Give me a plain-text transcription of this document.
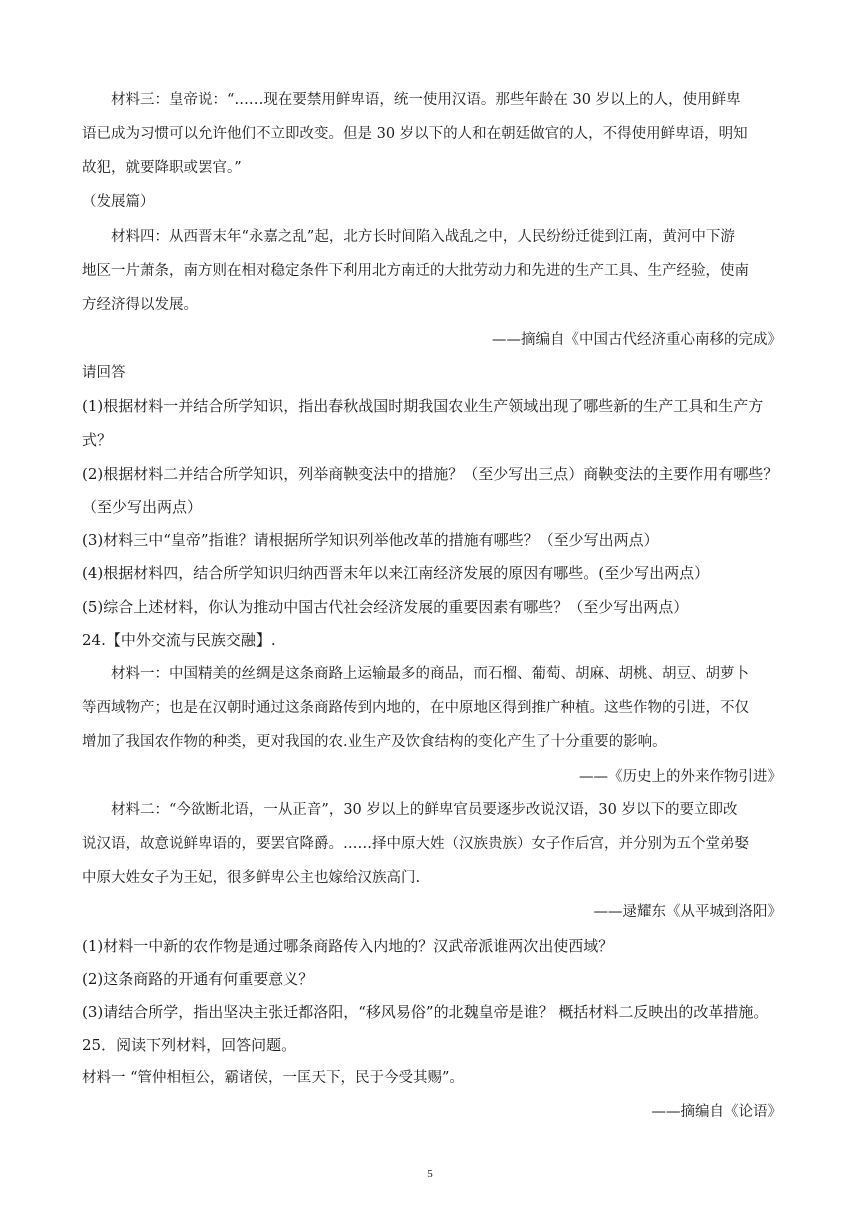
材料三：皇帝说：“……现在要禁用鲜卑语，统一使用汉语。那些年龄在 30 岁以上的人，使用鲜卑
语已成为习惯可以允许他们不立即改变。但是 30 岁以下的人和在朝廷做官的人，不得使用鲜卑语，明知
故犯，就要降职或罢官。”
（发展篇）
材料四：从西晋末年“永嘉之乱”起，北方长时间陷入战乱之中，人民纷纷迁徙到江南，黄河中下游
地区一片萧条，南方则在相对稳定条件下利用北方南迁的大批劳动力和先进的生产工具、生产经验，使南
方经济得以发展。
——摘编自《中国古代经济重心南移的完成》
请回答
(1)根据材料一并结合所学知识，指出春秋战国时期我国农业生产领域出现了哪些新的生产工具和生产方
式？
(2)根据材料二并结合所学知识，列举商鞅变法中的措施？（至少写出三点）商鞅变法的主要作用有哪些？
（至少写出两点）
(3)材料三中“皇帝”指谁？请根据所学知识列举他改革的措施有哪些？（至少写出两点）
(4)根据材料四，结合所学知识归纳西晋末年以来江南经济发展的原因有哪些。(至少写出两点）
(5)综合上述材料，你认为推动中国古代社会经济发展的重要因素有哪些？（至少写出两点）
24.【中外交流与民族交融】.
材料一：中国精美的丝绸是这条商路上运输最多的商品，而石榴、葡萄、胡麻、胡桃、胡豆、胡萝卜
等西域物产；也是在汉朝时通过这条商路传到内地的，在中原地区得到推广种植。这些作物的引进，不仅
增加了我国农作物的种类，更对我国的农.业生产及饮食结构的变化产生了十分重要的影响。
——《历史上的外来作物引进》
材料二：“今欲断北语，一从正音”，30 岁以上的鲜卑官员要逐步改说汉语，30 岁以下的要立即改
说汉语，故意说鲜卑语的，要罢官降爵。……择中原大姓（汉族贵族）女子作后宫，并分别为五个堂弟娶
中原大姓女子为王妃，很多鲜卑公主也嫁给汉族高门.
——逯耀东《从平城到洛阳》
(1)材料一中新的农作物是通过哪条商路传入内地的？汉武帝派谁两次出使西域？
(2)这条商路的开通有何重要意义？
(3)请结合所学，指出坚决主张迁都洛阳，“移风易俗”的北魏皇帝是谁？ 概括材料二反映出的改革措施。
25．阅读下列材料，回答问题。
材料一 “管仲相桓公，霸诸侯，一匡天下，民于今受其赐”。
——摘编自《论语》
5
